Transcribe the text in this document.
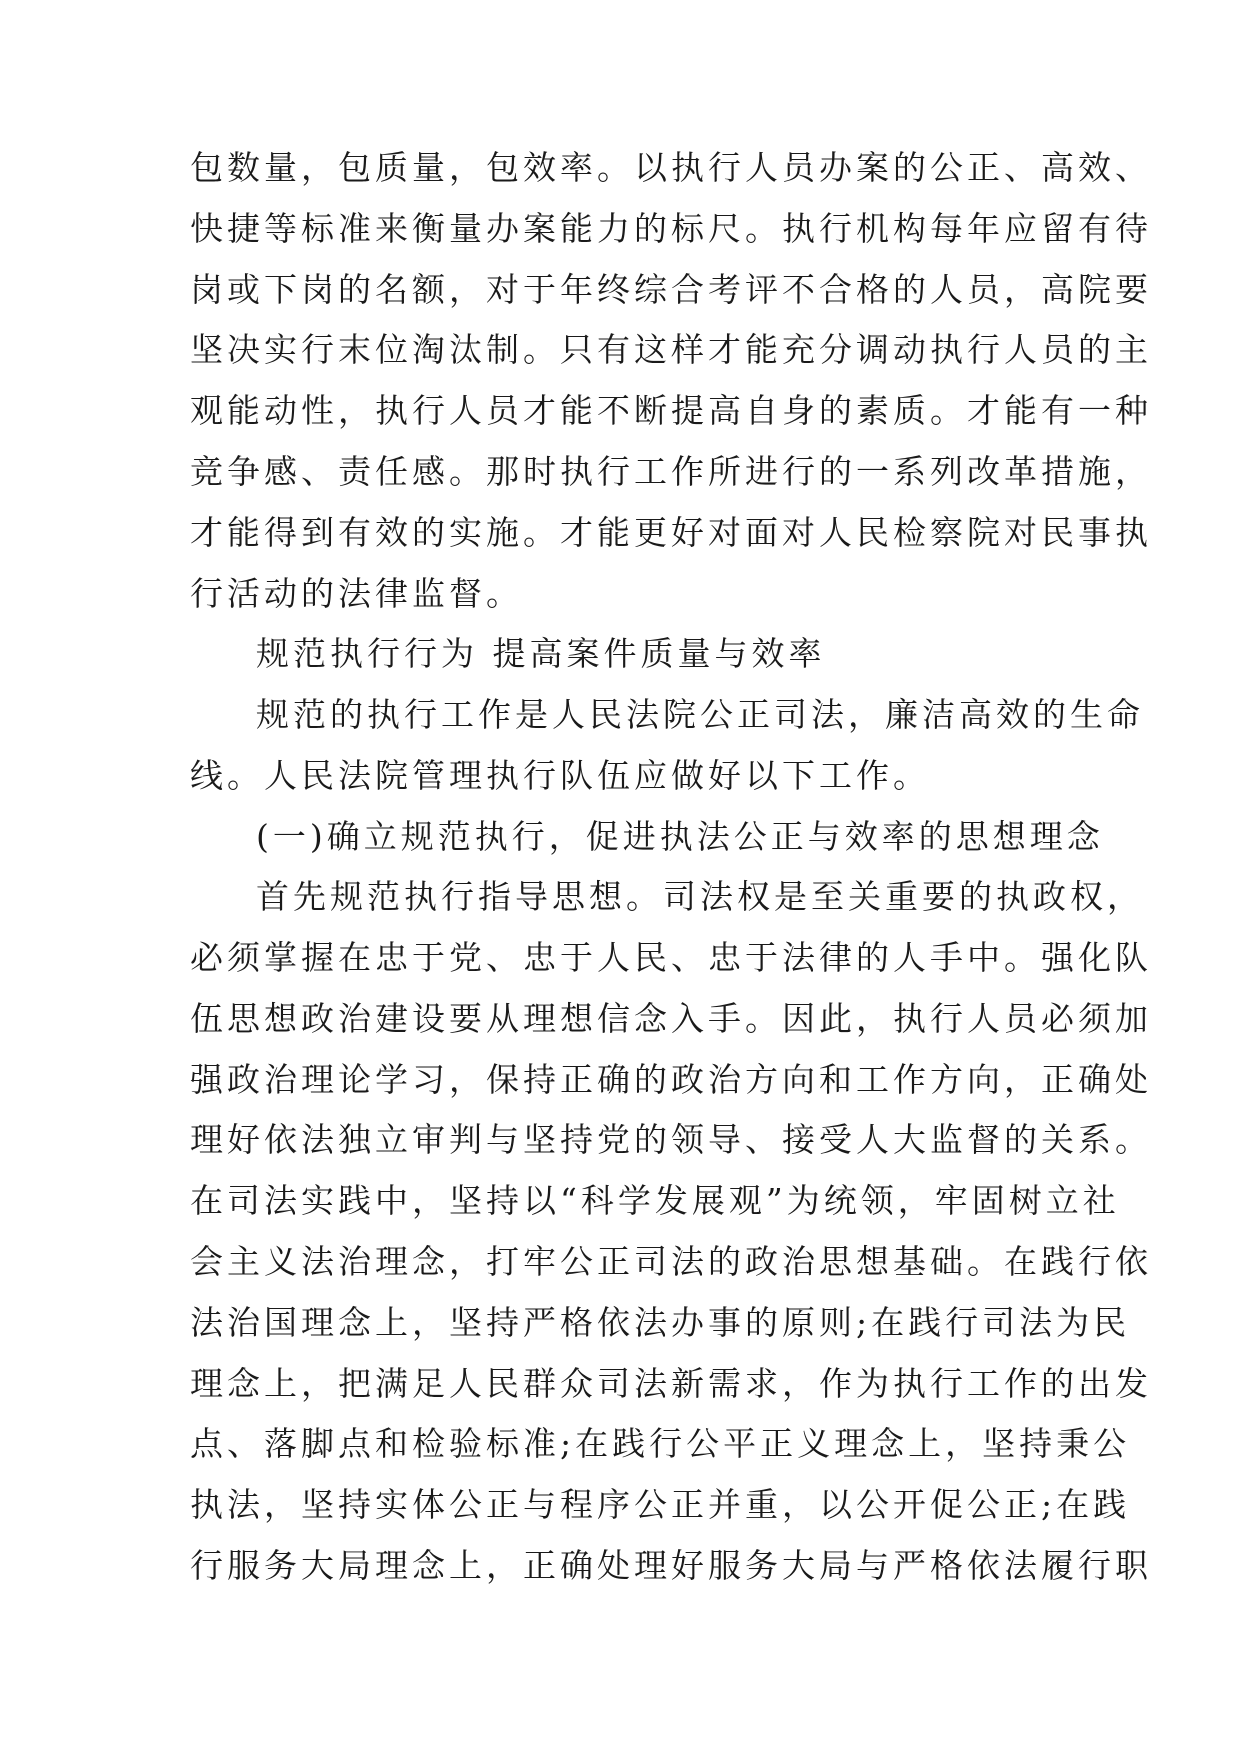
包数量，包质量，包效率。以执行人员办案的公正、高效、
快捷等标准来衡量办案能力的标尺。执行机构每年应留有待
岗或下岗的名额，对于年终综合考评不合格的人员，高院要
坚决实行末位淘汰制。只有这样才能充分调动执行人员的主
观能动性，执行人员才能不断提高自身的素质。才能有一种
竞争感、责任感。那时执行工作所进行的一系列改革措施，
才能得到有效的实施。才能更好对面对人民检察院对民事执
行活动的法律监督。
规范执行行为 提高案件质量与效率
规范的执行工作是人民法院公正司法，廉洁高效的生命
线。人民法院管理执行队伍应做好以下工作。
(一)确立规范执行，促进执法公正与效率的思想理念
首先规范执行指导思想。司法权是至关重要的执政权，
必须掌握在忠于党、忠于人民、忠于法律的人手中。强化队
伍思想政治建设要从理想信念入手。因此，执行人员必须加
强政治理论学习，保持正确的政治方向和工作方向，正确处
理好依法独立审判与坚持党的领导、接受人大监督的关系。
在司法实践中，坚持以“科学发展观”为统领，牢固树立社
会主义法治理念，打牢公正司法的政治思想基础。在践行依
法治国理念上，坚持严格依法办事的原则;在践行司法为民
理念上，把满足人民群众司法新需求，作为执行工作的出发
点、落脚点和检验标准;在践行公平正义理念上，坚持秉公
执法，坚持实体公正与程序公正并重，以公开促公正;在践
行服务大局理念上，正确处理好服务大局与严格依法履行职
